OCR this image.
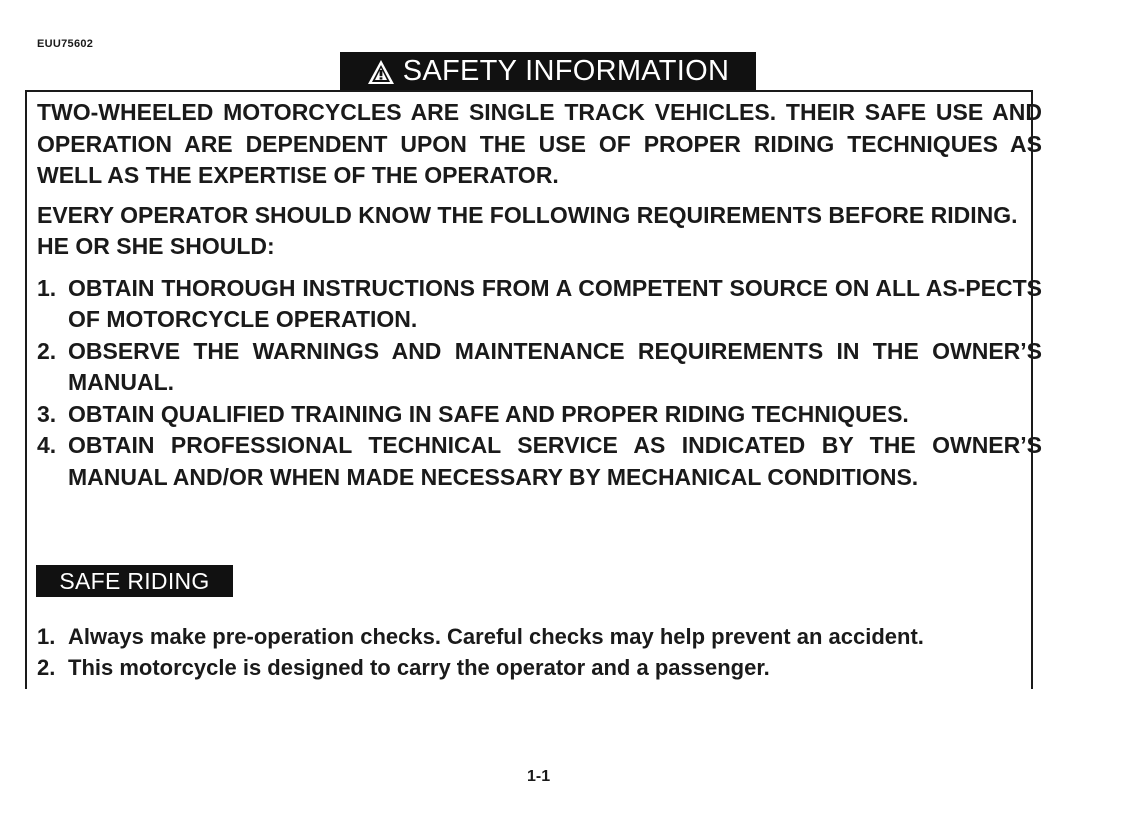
EUU75602
SAFETY INFORMATION

TWO-WHEELED MOTORCYCLES ARE SINGLE TRACK VEHICLES. THEIR SAFE USE AND OPERATION ARE DEPENDENT UPON THE USE OF PROPER RIDING TECHNIQUES AS WELL AS THE EXPERTISE OF THE OPERATOR.

EVERY OPERATOR SHOULD KNOW THE FOLLOWING REQUIREMENTS BEFORE RIDING.

HE OR SHE SHOULD:

1. OBTAIN THOROUGH INSTRUCTIONS FROM A COMPETENT SOURCE ON ALL AS-PECTS OF MOTORCYCLE OPERATION.
2. OBSERVE THE WARNINGS AND MAINTENANCE REQUIREMENTS IN THE OWNER’S MANUAL.
3. OBTAIN QUALIFIED TRAINING IN SAFE AND PROPER RIDING TECHNIQUES.
4. OBTAIN PROFESSIONAL TECHNICAL SERVICE AS INDICATED BY THE OWNER’S MANUAL AND/OR WHEN MADE NECESSARY BY MECHANICAL CONDITIONS.
SAFE RIDING
1. Always make pre-operation checks. Careful checks may help prevent an accident.
2. This motorcycle is designed to carry the operator and a passenger.
1-1
